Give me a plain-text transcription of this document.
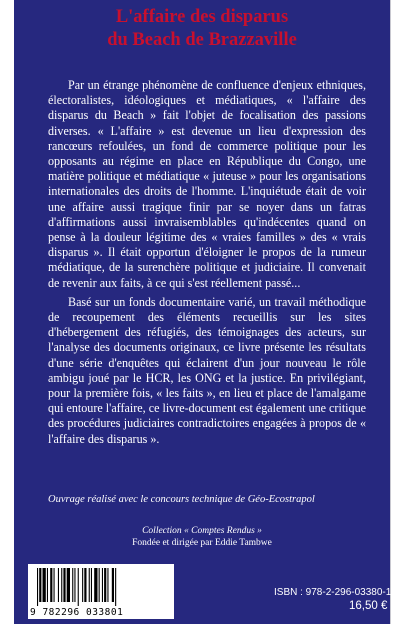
L'affaire des disparus
du Beach de Brazzaville

Par un étrange phénomène de confluence d'enjeux ethniques, électoralistes, idéologiques et médiatiques, « l'affaire des disparus du Beach » fait l'objet de focalisation des passions diverses. « L'affaire » est devenue un lieu d'expression des rancœurs refoulées, un fond de commerce politique pour les opposants au régime en place en République du Congo, une matière politique et médiatique « juteuse » pour les organisations internationales des droits de l'homme. L'inquiétude était de voir une affaire aussi tragique finir par se noyer dans un fatras d'affirmations aussi invraisemblables qu'indécentes quand on pense à la douleur légitime des « vraies familles » des « vrais disparus ». Il était opportun d'éloigner le propos de la rumeur médiatique, de la surenchère politique et judiciaire. Il convenait de revenir aux faits, à ce qui s'est réellement passé...

Basé sur un fonds documentaire varié, un travail méthodique de recoupement des éléments recueillis sur les sites d'hébergement des réfugiés, des témoignages des acteurs, sur l'analyse des documents originaux, ce livre présente les résultats d'une série d'enquêtes qui éclairent d'un jour nouveau le rôle ambigu joué par le HCR, les ONG et la justice. En privilégiant, pour la première fois, « les faits », en lieu et place de l'amalgame qui entoure l'affaire, ce livre-document est également une critique des procédures judiciaires contradictoires engagées à propos de « l'affaire des disparus ».

Ouvrage réalisé avec le concours technique de Géo-Ecostrapol
Collection « Comptes Rendus »
Fondée et dirigée par Eddie Tambwe
9 782296 033801
ISBN : 978-2-296-03380-1
16,50 €
